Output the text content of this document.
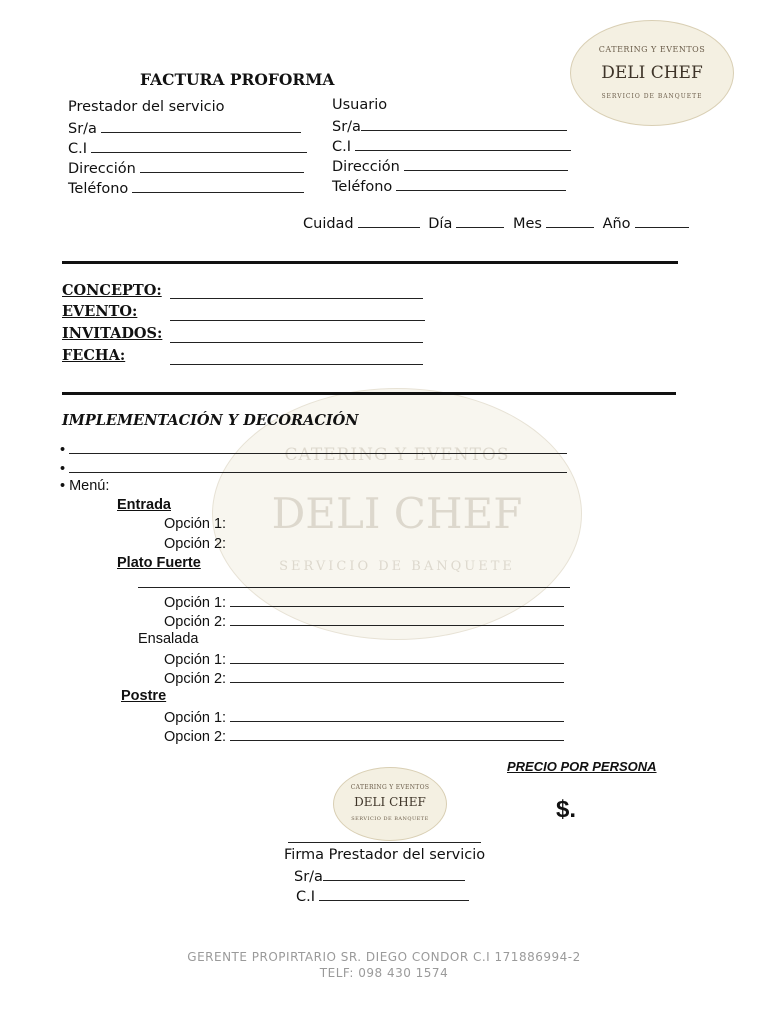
CATERING Y EVENTOS
DELI CHEF
SERVICIO DE BANQUETE
CATERING Y EVENTOS
DELI CHEF
SERVICIO DE BANQUETE
FACTURA PROFORMA
Prestador del servicio
Sr/a
C.I
Dirección
Teléfono
Usuario
Sr/a
C.I
Dirección
Teléfono
Cuidad	Día	Mes	Año
CONCEPTO:
EVENTO:
INVITADOS:
FECHA:
IMPLEMENTACIÓN Y DECORACIÓN
•
•
• Menú:
Entrada
Opción 1:
Opción 2:
Plato Fuerte
Opción 1:
Opción 2:
Ensalada
Opción 1:
Opción 2:
Postre
Opción 1:
Opcion 2:
PRECIO POR PERSONA
$.
CATERING Y EVENTOS
DELI CHEF
SERVICIO DE BANQUETE
Firma Prestador del servicio
Sr/a
C.I
GERENTE PROPIRTARIO SR. DIEGO CONDOR C.I 171886994-2
TELF: 098 430 1574
